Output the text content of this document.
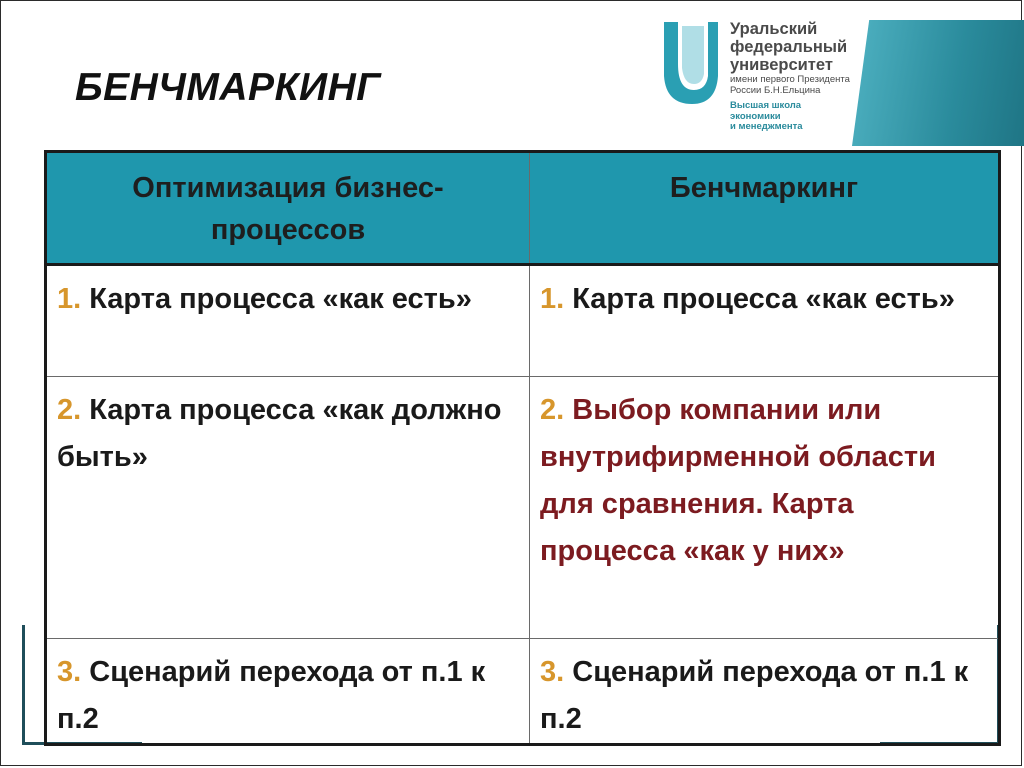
БЕНЧМАРКИНГ
Уральский
федеральный
университет
имени первого Президента
России Б.Н.Ельцина
Высшая школа
экономики
и менеджмента
Оптимизация бизнес-процессов	Бенчмаркинг
1. Карта процесса «как есть»	1. Карта процесса «как есть»
2. Карта процесса «как должно быть»	2. Выбор компании или внутрифирменной области для сравнения. Карта процесса «как у них»
3. Сценарий перехода от п.1 к п.2	3. Сценарий перехода от п.1 к п.2
